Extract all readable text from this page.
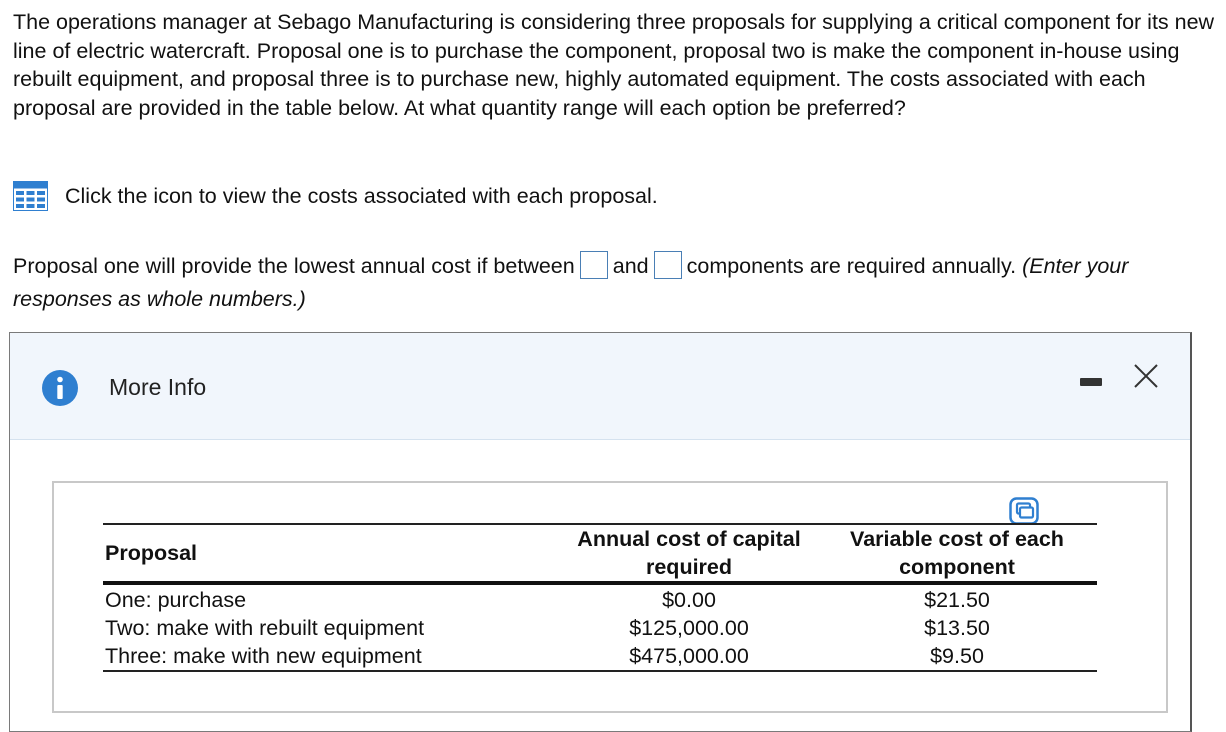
The operations manager at Sebago Manufacturing is considering three proposals for supplying a critical component for its new line of electric watercraft. Proposal one is to purchase the component, proposal two is make the component in-house using rebuilt equipment, and proposal three is to purchase new, highly automated equipment. The costs associated with each proposal are provided in the table below. At what quantity range will each option be preferred?

Click the icon to view the costs associated with each proposal.
Proposal one will provide the lowest annual cost if between and components are required annually. (Enter your responses as whole numbers.)
More Info
Proposal
Annual cost of capital required
Variable cost of each component
One: purchase
Two: make with rebuilt equipment
Three: make with new equipment
$0.00
$125,000.00
$475,000.00
$21.50
$13.50
$9.50
